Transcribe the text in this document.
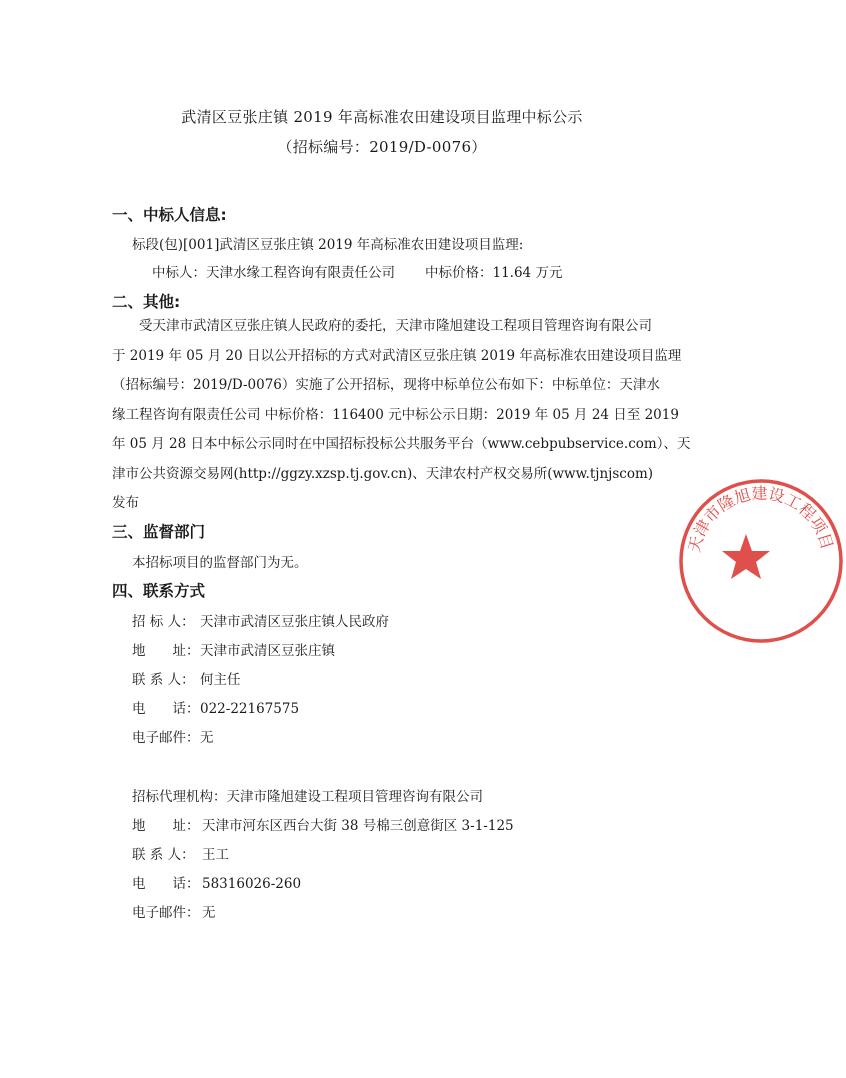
武清区豆张庄镇 2019 年高标准农田建设项目监理中标公示
（招标编号：2019/D-0076）
一、中标人信息:
标段(包)[001]武清区豆张庄镇 2019 年高标准农田建设项目监理:
中标人：天津水缘工程咨询有限责任公司 中标价格：11.64 万元
二、其他:
受天津市武清区豆张庄镇人民政府的委托，天津市隆旭建设工程项目管理咨询有限公司
于 2019 年 05 月 20 日以公开招标的方式对武清区豆张庄镇 2019 年高标准农田建设项目监理
（招标编号：2019/D-0076）实施了公开招标，现将中标单位公布如下：中标单位：天津水
缘工程咨询有限责任公司 中标价格：116400 元中标公示日期：2019 年 05 月 24 日至 2019
年 05 月 28 日本中标公示同时在中国招标投标公共服务平台（www.cebpubservice.com）、天
津市公共资源交易网(http://ggzy.xzsp.tj.gov.cn)、天津农村产权交易所(www.tjnjscom)
发布
三、监督部门
本招标项目的监督部门为无。
四、联系方式
招 标 人： 天津市武清区豆张庄镇人民政府
地　　址：天津市武清区豆张庄镇
联 系 人： 何主任
电　　话：022-22167575
电子邮件：无
招标代理机构：天津市隆旭建设工程项目管理咨询有限公司
地　　址： 天津市河东区西台大街 38 号棉三创意街区 3-1-125
联 系 人： 王工
电　　话： 58316026-260
电子邮件： 无
天津市隆旭建设工程项目
